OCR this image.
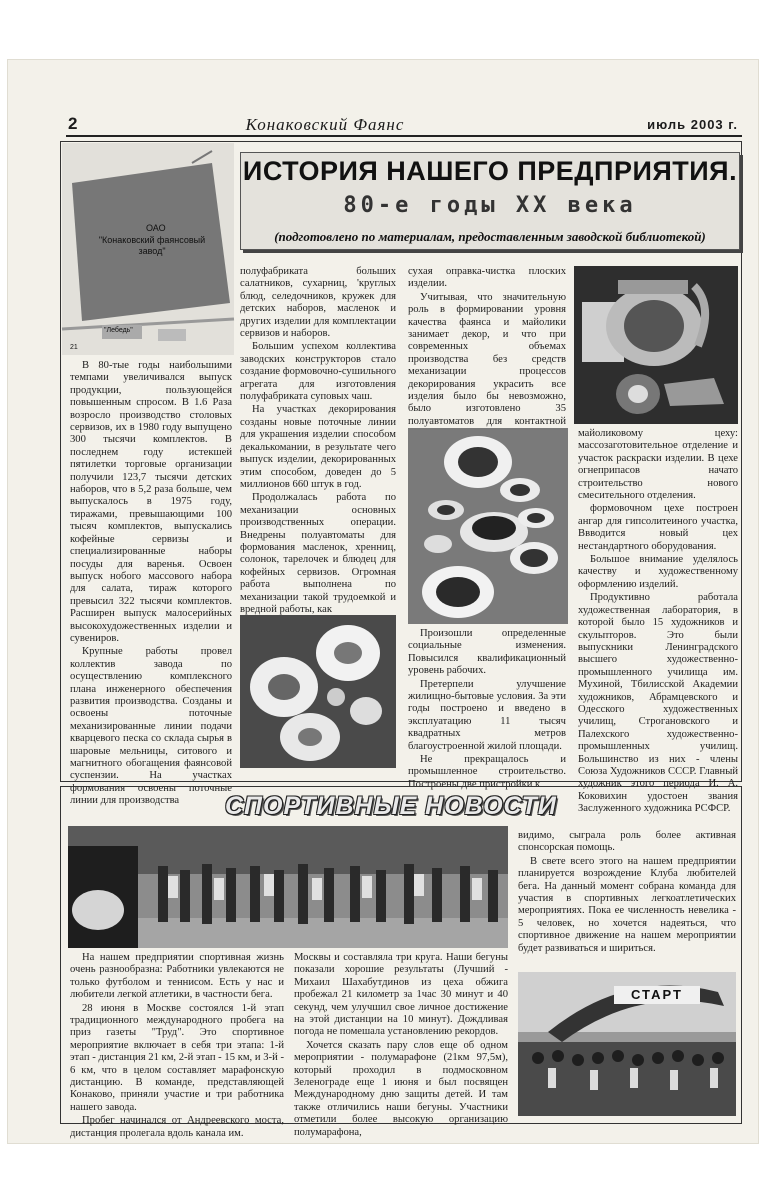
2	Конаковский Фаянс	июль 2003 г.
ОАО
"Конаковский фаянсовый завод"
"Лебедь"
21
ИСТОРИЯ НАШЕГО ПРЕДПРИЯТИЯ.
80-е годы XX века
(подготовлено по материалам, предоставленным заводской библиотекой)

В 80-тые годы наибольшими темпами увеличивался выпуск продукции, пользующейся повышенным спросом. В 1.6 Раза возросло производство столовых сервизов, их в 1980 году выпущено 300 тысячи комплектов. В последнем году истекшей пятилетки торговые организации получили 123,7 тысячи детских наборов, что в 5,2 раза больше, чем выпускалось в 1975 году, тиражами, превышающими 100 тысяч комплектов, выпускались кофейные сервизы и специализированные наборы посуды для варенья. Освоен выпуск нобого массового набора для салата, тираж которого превысил 322 тысячи комплектов. Расширен выпуск малосерийных высокохудожественных изделии и сувениров.

Крупные работы провел коллектив завода по осуществлению комплексного плана инженерного обеспечения развития производства. Созданы и освоены поточные механизированные линии подачи кварцевого песка со склада сырья в шаровые мельницы, ситового и магнитного обогащения фаянсовой суспензии. На участках формования освоены поточные линии для производства

полуфабриката больших салатников, сухарниц, 'круглых блюд, селедочников, кружек для детских наборов, масленок и других изделии для комплектации сервизов и наборов.

Большим успехом коллектива заводских конструкторов стало создание формовочно-сушильного агрегата для изготовления полуфабриката суповых чаш.

На участках декорирования созданы новые поточные линии для украшения изделии способом декалькомании, в результате чего выпуск изделии, декорированных этим способом, доведен до 5 миллионов 660 штук в год.

Продолжалась работа по механизации основных производственных операции. Внедрены полуавтоматы для формования масленок, хренниц, солонок, тарелочек и блюдец для кофейных сервизов. Огромная работа выполнена по механизации такой трудоемкой и вредной работы, как

сухая оправка-чистка плоских изделии.

Учитывая, что значительную роль в формировании уровня качества фаянса и майолики занимает декор, и что при современных объемах производства без средств механизации процессов декорирования украсить все изделия было бы невозможно, было изготовлено 35 полуавтоматов для контактной

Произошли определенные социальные изменения. Повысился квалификационный уровень рабочих.

Претерпели улучшение жилищно-бытовые условия. За эти годы построено и введено в эксплуатацию 11 тысяч квадратных метров благоустроенной жилой площади.

Не прекращалось и промышленное строительство. Построены две пристройки к

майоликовому цеху: массозаготовительное отделение и участок раскраски изделии. В цехе огнеприпасов начато строительство нового смесительного отделения.

формовочном цехе построен ангар для гипсолитеиного участка, Ввводится новый цех нестандартного оборудования.

Большое внимание уделялось качеству и художественному оформлению изделий.

Продуктивно работала художественная лаборатория, в которой было 15 художников и скульпторов. Это были выпускники Ленинградского высшего художественно-промышленного училища им. Мухиной, Тбилисской Академии художников, Абрамцевского и Одесского художественных училищ, Строгановского и Палехского художественно-промышленных училищ. Большинство из них - члены Союза Художников СССР. Главный художник этого периода И. А. Коковихин удостоен звания Заслуженного художника РСФСР.

СПОРТИВНЫЕ НОВОСТИ

На нашем предприятии спортивная жизнь очень разнообразна: Работники увлекаются не только футболом и теннисом. Есть у нас и любители легкой атлетики, в частности бега.

28 июня в Москве состоялся 1-й этап традиционного международного пробега на приз газеты "Труд". Это спортивное мероприятие включает в себя три этапа: 1-й этап - дистанция 21 км, 2-й этап - 15 км, и 3-й - 6 км, что в целом составляет марафонскую дистанцию. В команде, представляющей Конаково, приняли участие и три работника нашего завода.

Пробег начинался от Андреевского моста, дистанция пролегала вдоль канала им.

Москвы и составляла три круга. Наши бегуны показали хорошие результаты (Лучший - Михаил Шахабутдинов из цеха обжига пробежал 21 километр за 1час 30 минут и 40 секунд, чем улучшил свое личное достижение на этой дистанции на 10 минут). Дождливая погода не помешала установлению рекордов.

Хочется сказать пару слов еще об одном мероприятии - полумарафоне (21км 97,5м), который проходил в подмосковном Зеленограде еще 1 июня и был посвящен Международному дню защиты детей. И там также отличились наши бегуны. Участники отметили более высокую организацию полумарафона,

видимо, сыграла роль более активная спонсорская помощь.

В свете всего этого на нашем предприятии планируется возрождение Клуба любителей бега. На данный момент собрана команда для участия в спортивных легкоатлетических мероприятиях. Пока ее численность невелика - 5 человек, но хочется надеяться, что спортивное движение на нашем мероприятии будет развиваться и шириться.

СТАРТ
